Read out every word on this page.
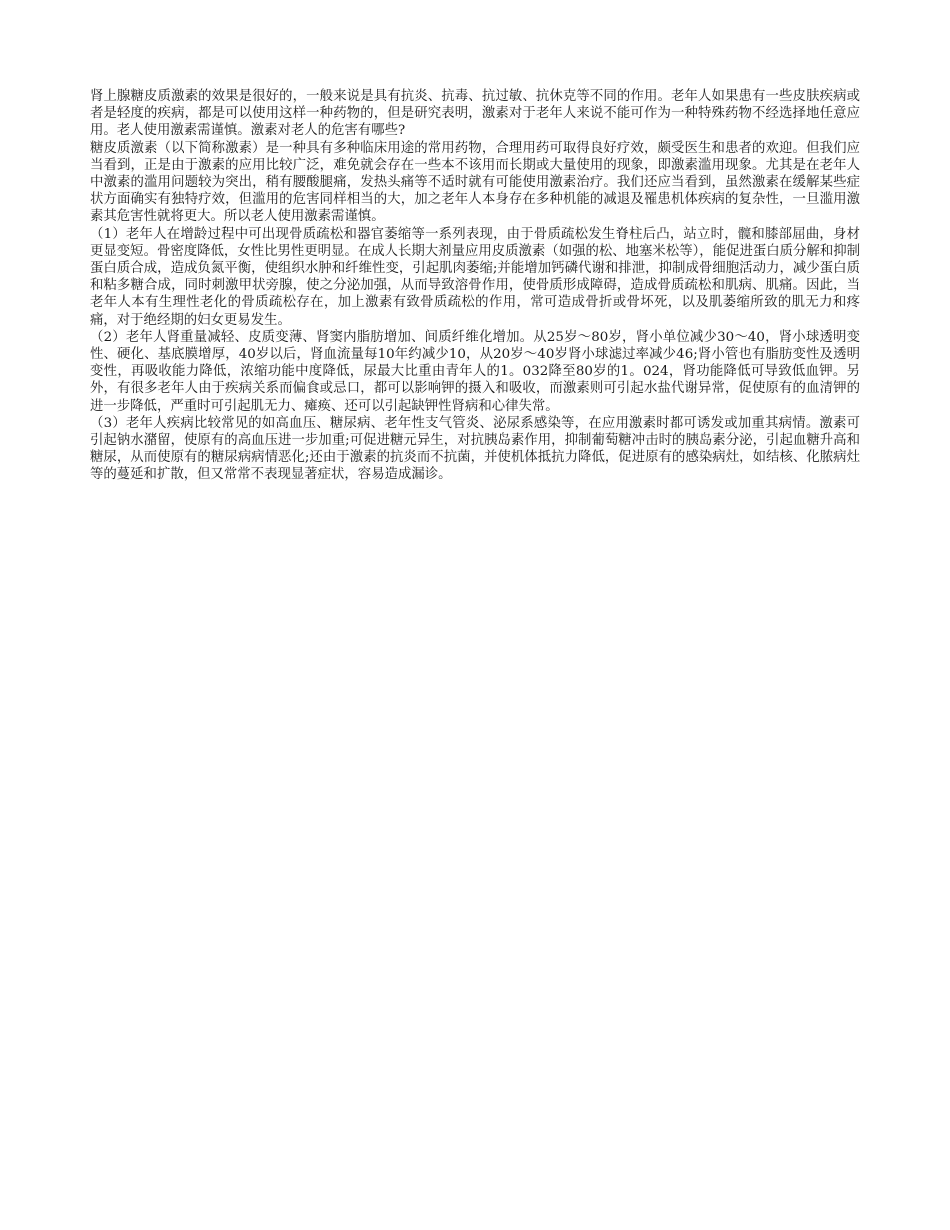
肾上腺糖皮质激素的效果是很好的，一般来说是具有抗炎、抗毒、抗过敏、抗休克等不同的作用。老年人如果患有一些皮肤疾病或者是轻度的疾病，都是可以使用这样一种药物的，但是研究表明，激素对于老年人来说不能可作为一种特殊药物不经选择地任意应用。老人使用激素需谨慎。激素对老人的危害有哪些?

糖皮质激素（以下简称激素）是一种具有多种临床用途的常用药物，合理用药可取得良好疗效，颇受医生和患者的欢迎。但我们应当看到，正是由于激素的应用比较广泛，难免就会存在一些本不该用而长期或大量使用的现象，即激素滥用现象。尤其是在老年人中激素的滥用问题较为突出，稍有腰酸腿痛，发热头痛等不适时就有可能使用激素治疗。我们还应当看到，虽然激素在缓解某些症状方面确实有独特疗效，但滥用的危害同样相当的大，加之老年人本身存在多种机能的减退及罹患机体疾病的复杂性，一旦滥用激素其危害性就将更大。所以老人使用激素需谨慎。

（1）老年人在增龄过程中可出现骨质疏松和器官萎缩等一系列表现，由于骨质疏松发生脊柱后凸，站立时，髋和膝部屈曲，身材更显变短。骨密度降低，女性比男性更明显。在成人长期大剂量应用皮质激素（如强的松、地塞米松等），能促进蛋白质分解和抑制蛋白质合成，造成负氮平衡，使组织水肿和纤维性变，引起肌肉萎缩;并能增加钙磷代谢和排泄，抑制成骨细胞活动力，减少蛋白质和粘多糖合成，同时刺激甲状旁腺，使之分泌加强，从而导致溶骨作用，使骨质形成障碍，造成骨质疏松和肌病、肌痛。因此，当老年人本有生理性老化的骨质疏松存在，加上激素有致骨质疏松的作用，常可造成骨折或骨坏死，以及肌萎缩所致的肌无力和疼痛，对于绝经期的妇女更易发生。

（2）老年人肾重量减轻、皮质变薄、肾窦内脂肪增加、间质纤维化增加。从25岁～80岁，肾小单位减少30～40，肾小球透明变性、硬化、基底膜增厚，40岁以后，肾血流量每10年约减少10，从20岁～40岁肾小球滤过率减少46;肾小管也有脂肪变性及透明变性，再吸收能力降低，浓缩功能中度降低，尿最大比重由青年人的1。032降至80岁的1。024，肾功能降低可导致低血钾。另外，有很多老年人由于疾病关系而偏食或忌口，都可以影响钾的摄入和吸收，而激素则可引起水盐代谢异常，促使原有的血清钾的进一步降低，严重时可引起肌无力、瘫痪、还可以引起缺钾性肾病和心律失常。

（3）老年人疾病比较常见的如高血压、糖尿病、老年性支气管炎、泌尿系感染等，在应用激素时都可诱发或加重其病情。激素可引起钠水潴留，使原有的高血压进一步加重;可促进糖元异生，对抗胰岛素作用，抑制葡萄糖冲击时的胰岛素分泌，引起血糖升高和糖尿，从而使原有的糖尿病病情恶化;还由于激素的抗炎而不抗菌，并使机体抵抗力降低，促进原有的感染病灶，如结核、化脓病灶等的蔓延和扩散，但又常常不表现显著症状，容易造成漏诊。
